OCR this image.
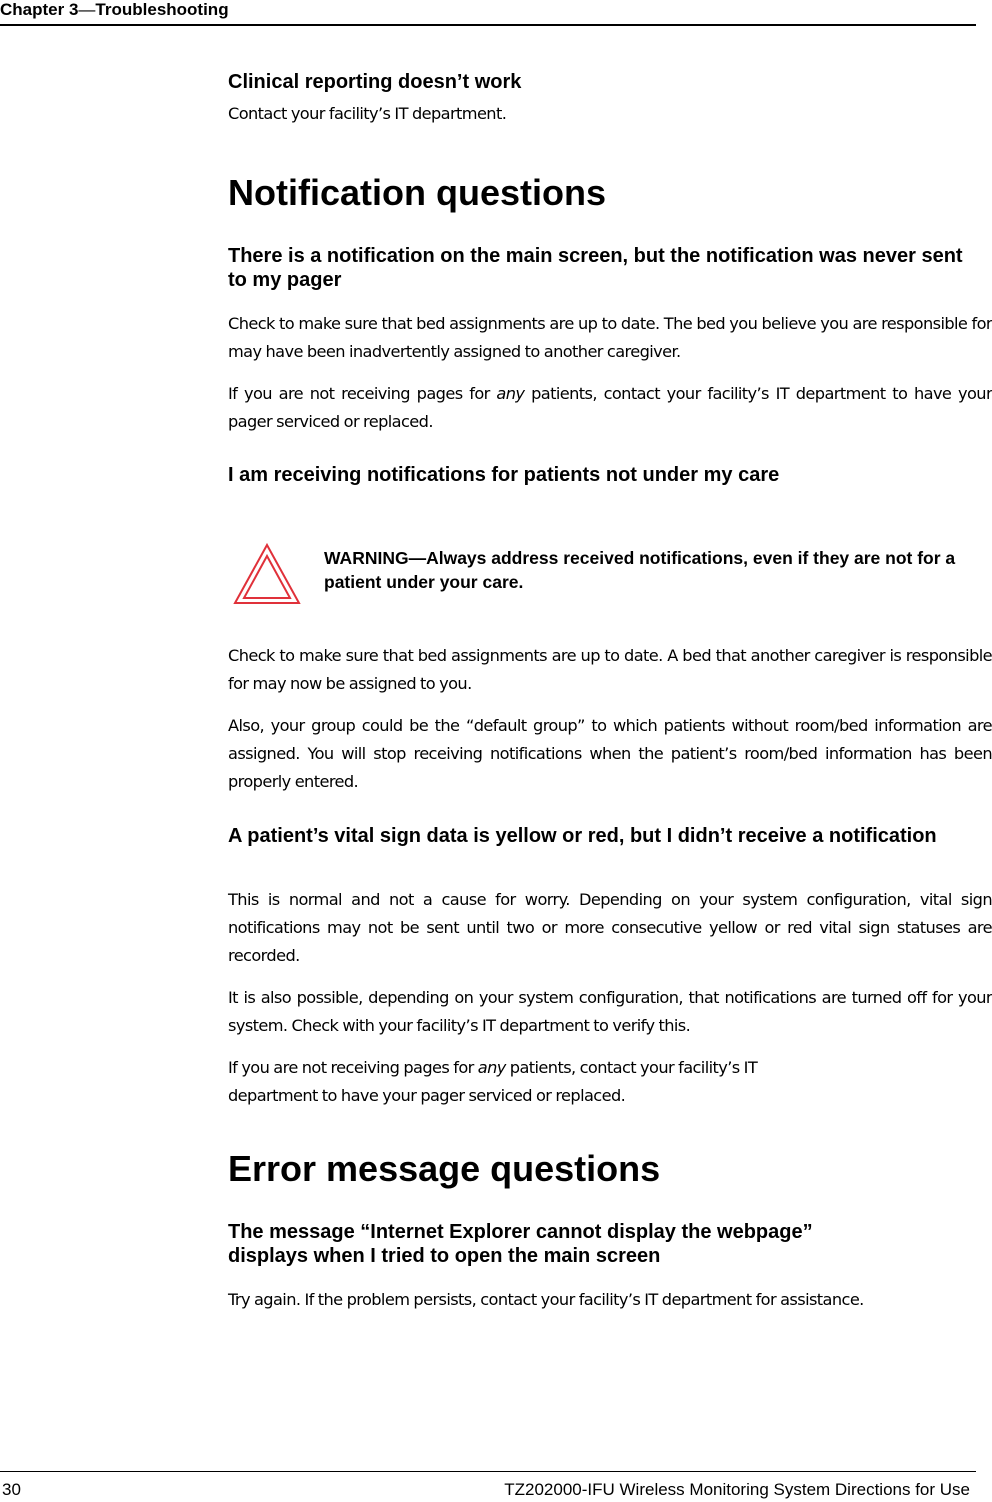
Chapter 3—Troubleshooting
Clinical reporting doesn’t work

Contact your facility’s IT department.

Notification questions
There is a notification on the main screen, but the notification was never sent to my pager

Check to make sure that bed assignments are up to date. The bed you believe you are responsible for may have been inadvertently assigned to another caregiver.

If you are not receiving pages for any patients, contact your facility’s IT department to have your pager serviced or replaced.

I am receiving notifications for patients not under my care
WARNING—Always address received notifications, even if they are not for a patient under your care.

Check to make sure that bed assignments are up to date. A bed that another caregiver is responsible for may now be assigned to you.

Also, your group could be the “default group” to which patients without room/bed information are assigned. You will stop receiving notifications when the patient’s room/bed information has been properly entered.

A patient’s vital sign data is yellow or red, but I didn’t receive a notification

This is normal and not a cause for worry. Depending on your system configuration, vital sign notifications may not be sent until two or more consecutive yellow or red vital sign statuses are recorded.

It is also possible, depending on your system configuration, that notifications are turned off for your system. Check with your facility’s IT department to verify this.

If you are not receiving pages for any patients, contact your facility’s IT
department to have your pager serviced or replaced.

Error message questions
The message “Internet Explorer cannot display the webpage”
displays when I tried to open the main screen

Try again. If the problem persists, contact your facility’s IT department for assistance.

30	TZ202000-IFU Wireless Monitoring System Directions for Use
